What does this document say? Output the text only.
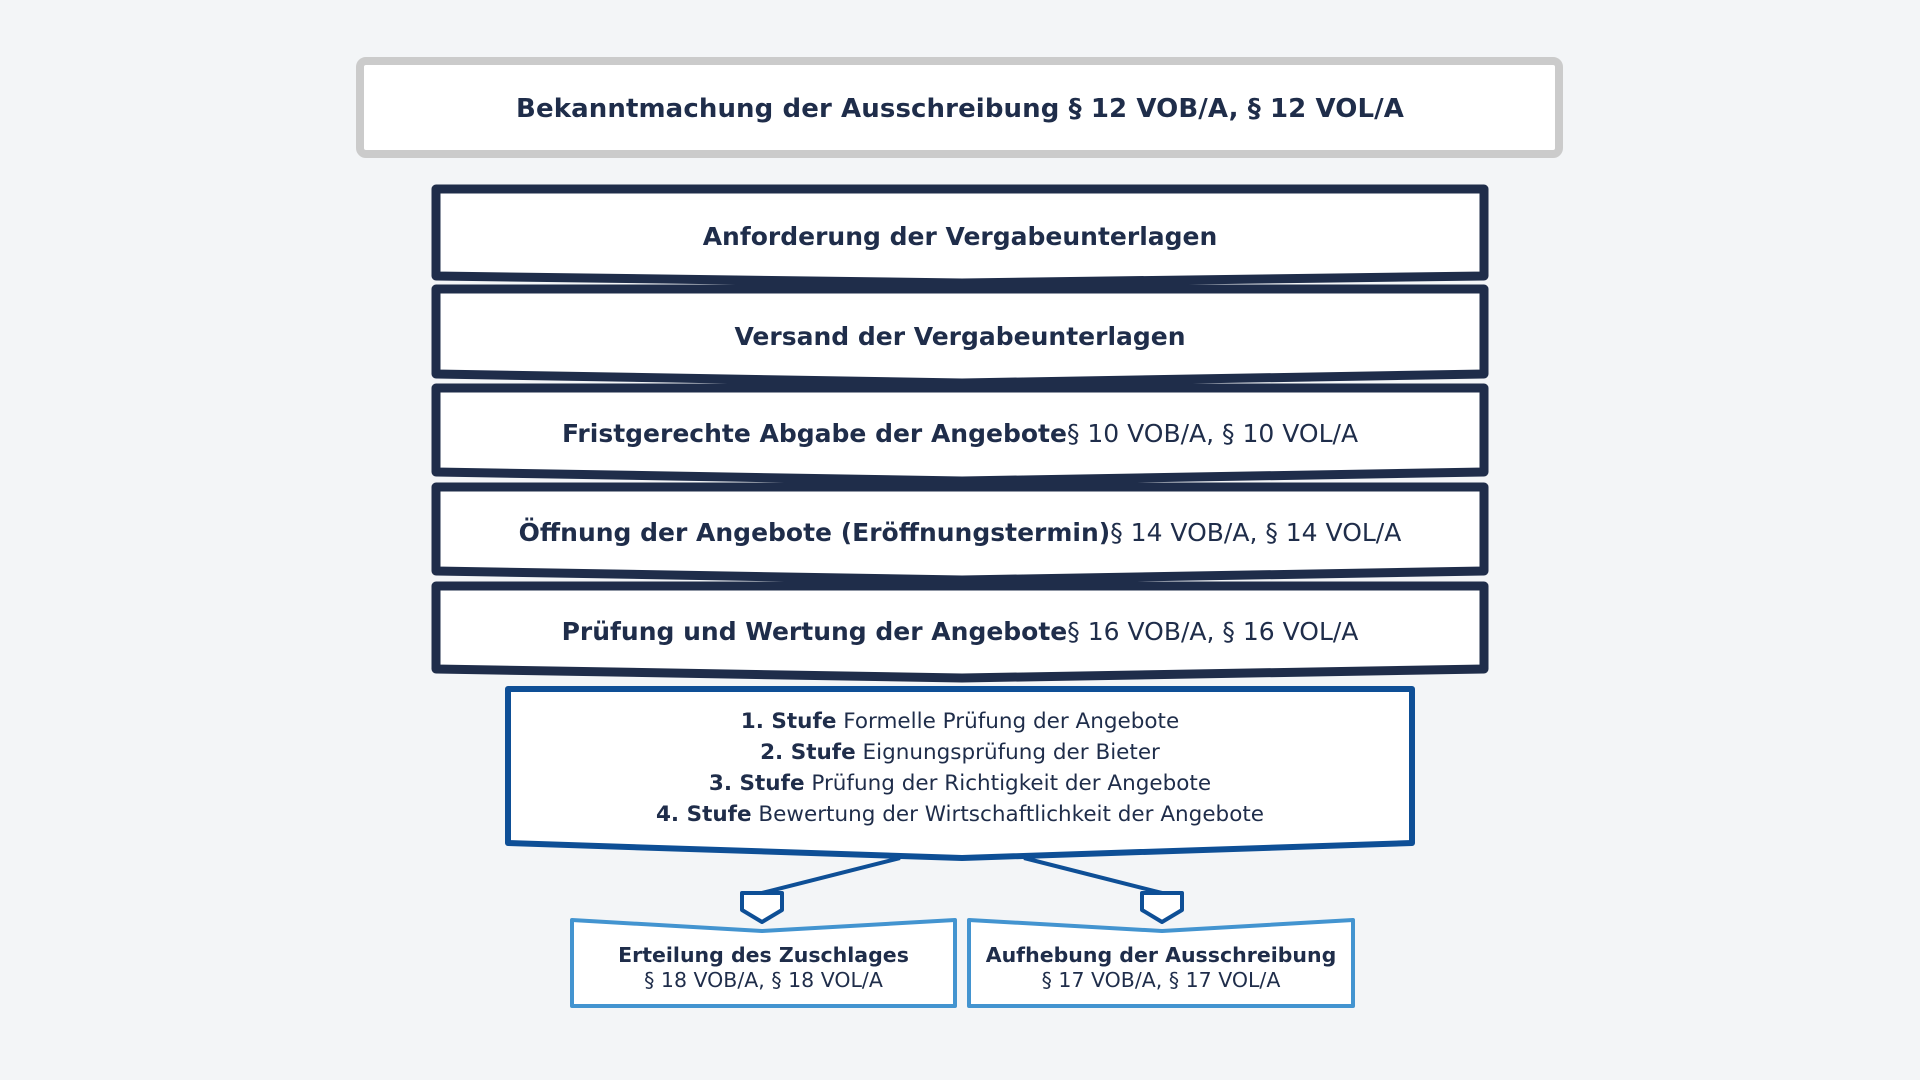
Bekanntmachung der Ausschreibung § 12 VOB/A, § 12 VOL/A
Anforderung der Vergabeunterlagen
Versand der Vergabeunterlagen
Fristgerechte Abgabe der Angebote § 10 VOB/A, § 10 VOL/A
Öffnung der Angebote (Eröffnungstermin) § 14 VOB/A, § 14 VOL/A
Prüfung und Wertung der Angebote § 16 VOB/A, § 16 VOL/A
1. Stufe Formelle Prüfung der Angebote
2. Stufe Eignungsprüfung der Bieter
3. Stufe Prüfung der Richtigkeit der Angebote
4. Stufe Bewertung der Wirtschaftlichkeit der Angebote
Erteilung des Zuschlages
§ 18 VOB/A, § 18 VOL/A
Aufhebung der Ausschreibung
§ 17 VOB/A, § 17 VOL/A
